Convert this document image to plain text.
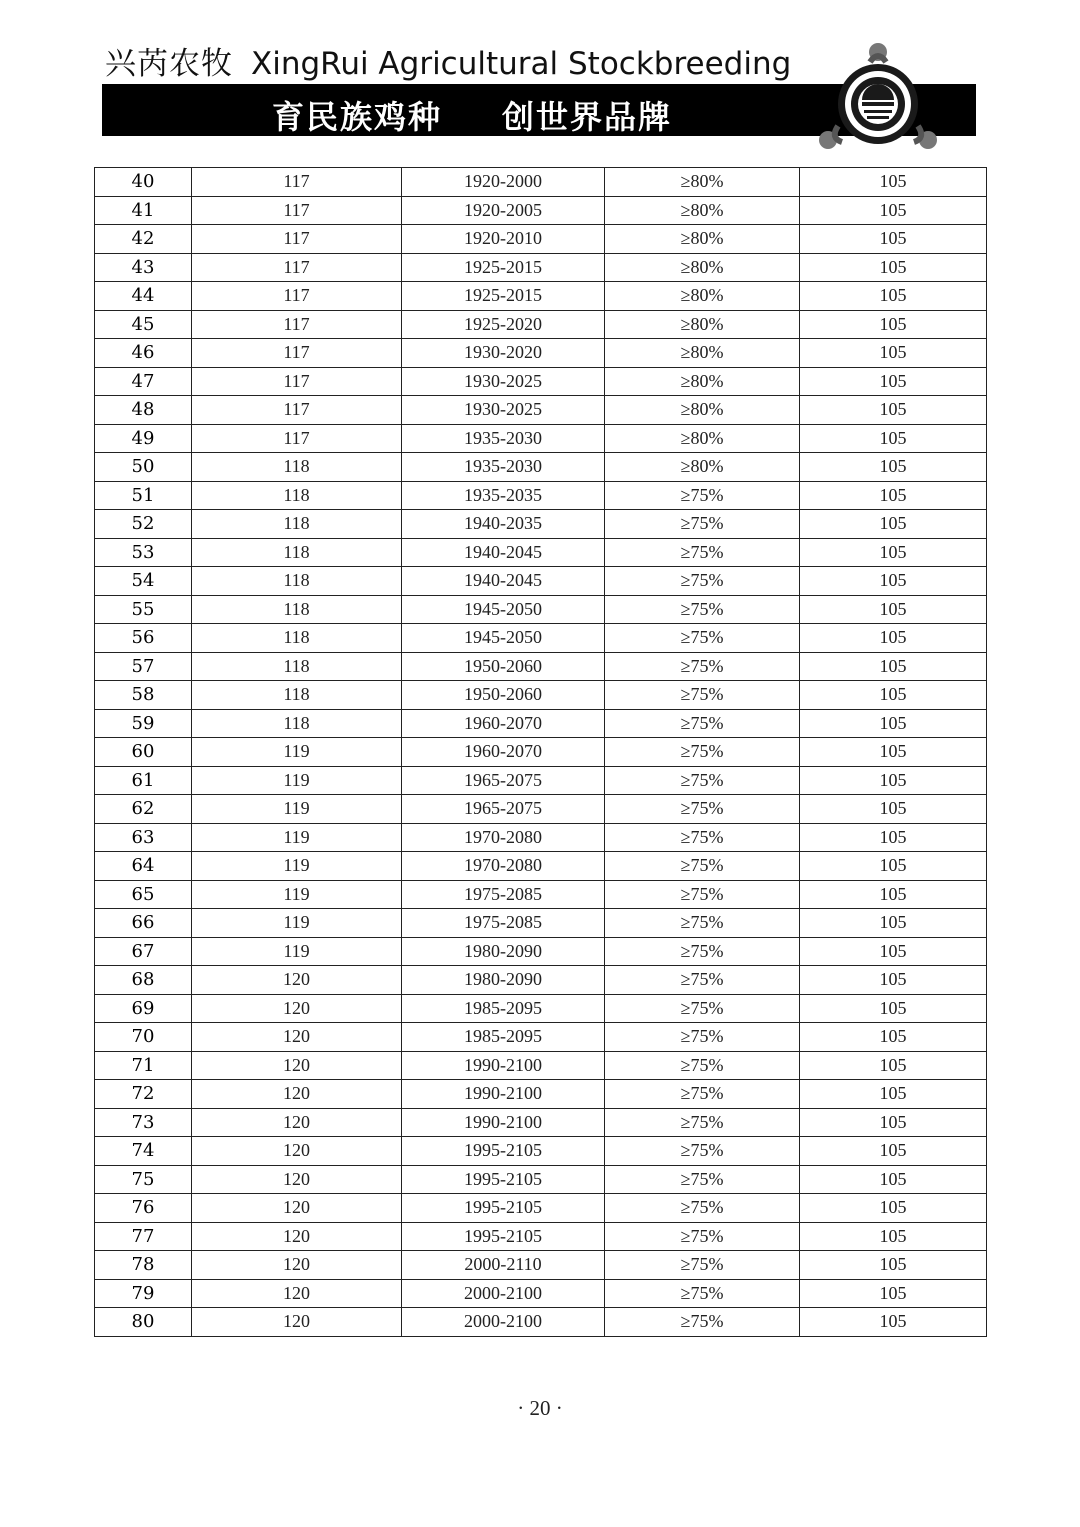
兴芮农牧 XingRui Agricultural Stockbreeding
育民族鸡种 创世界品牌
40	117	1920-2000	≥80%	105
41	117	1920-2005	≥80%	105
42	117	1920-2010	≥80%	105
43	117	1925-2015	≥80%	105
44	117	1925-2015	≥80%	105
45	117	1925-2020	≥80%	105
46	117	1930-2020	≥80%	105
47	117	1930-2025	≥80%	105
48	117	1930-2025	≥80%	105
49	117	1935-2030	≥80%	105
50	118	1935-2030	≥80%	105
51	118	1935-2035	≥75%	105
52	118	1940-2035	≥75%	105
53	118	1940-2045	≥75%	105
54	118	1940-2045	≥75%	105
55	118	1945-2050	≥75%	105
56	118	1945-2050	≥75%	105
57	118	1950-2060	≥75%	105
58	118	1950-2060	≥75%	105
59	118	1960-2070	≥75%	105
60	119	1960-2070	≥75%	105
61	119	1965-2075	≥75%	105
62	119	1965-2075	≥75%	105
63	119	1970-2080	≥75%	105
64	119	1970-2080	≥75%	105
65	119	1975-2085	≥75%	105
66	119	1975-2085	≥75%	105
67	119	1980-2090	≥75%	105
68	120	1980-2090	≥75%	105
69	120	1985-2095	≥75%	105
70	120	1985-2095	≥75%	105
71	120	1990-2100	≥75%	105
72	120	1990-2100	≥75%	105
73	120	1990-2100	≥75%	105
74	120	1995-2105	≥75%	105
75	120	1995-2105	≥75%	105
76	120	1995-2105	≥75%	105
77	120	1995-2105	≥75%	105
78	120	2000-2110	≥75%	105
79	120	2000-2100	≥75%	105
80	120	2000-2100	≥75%	105
· 20 ·
